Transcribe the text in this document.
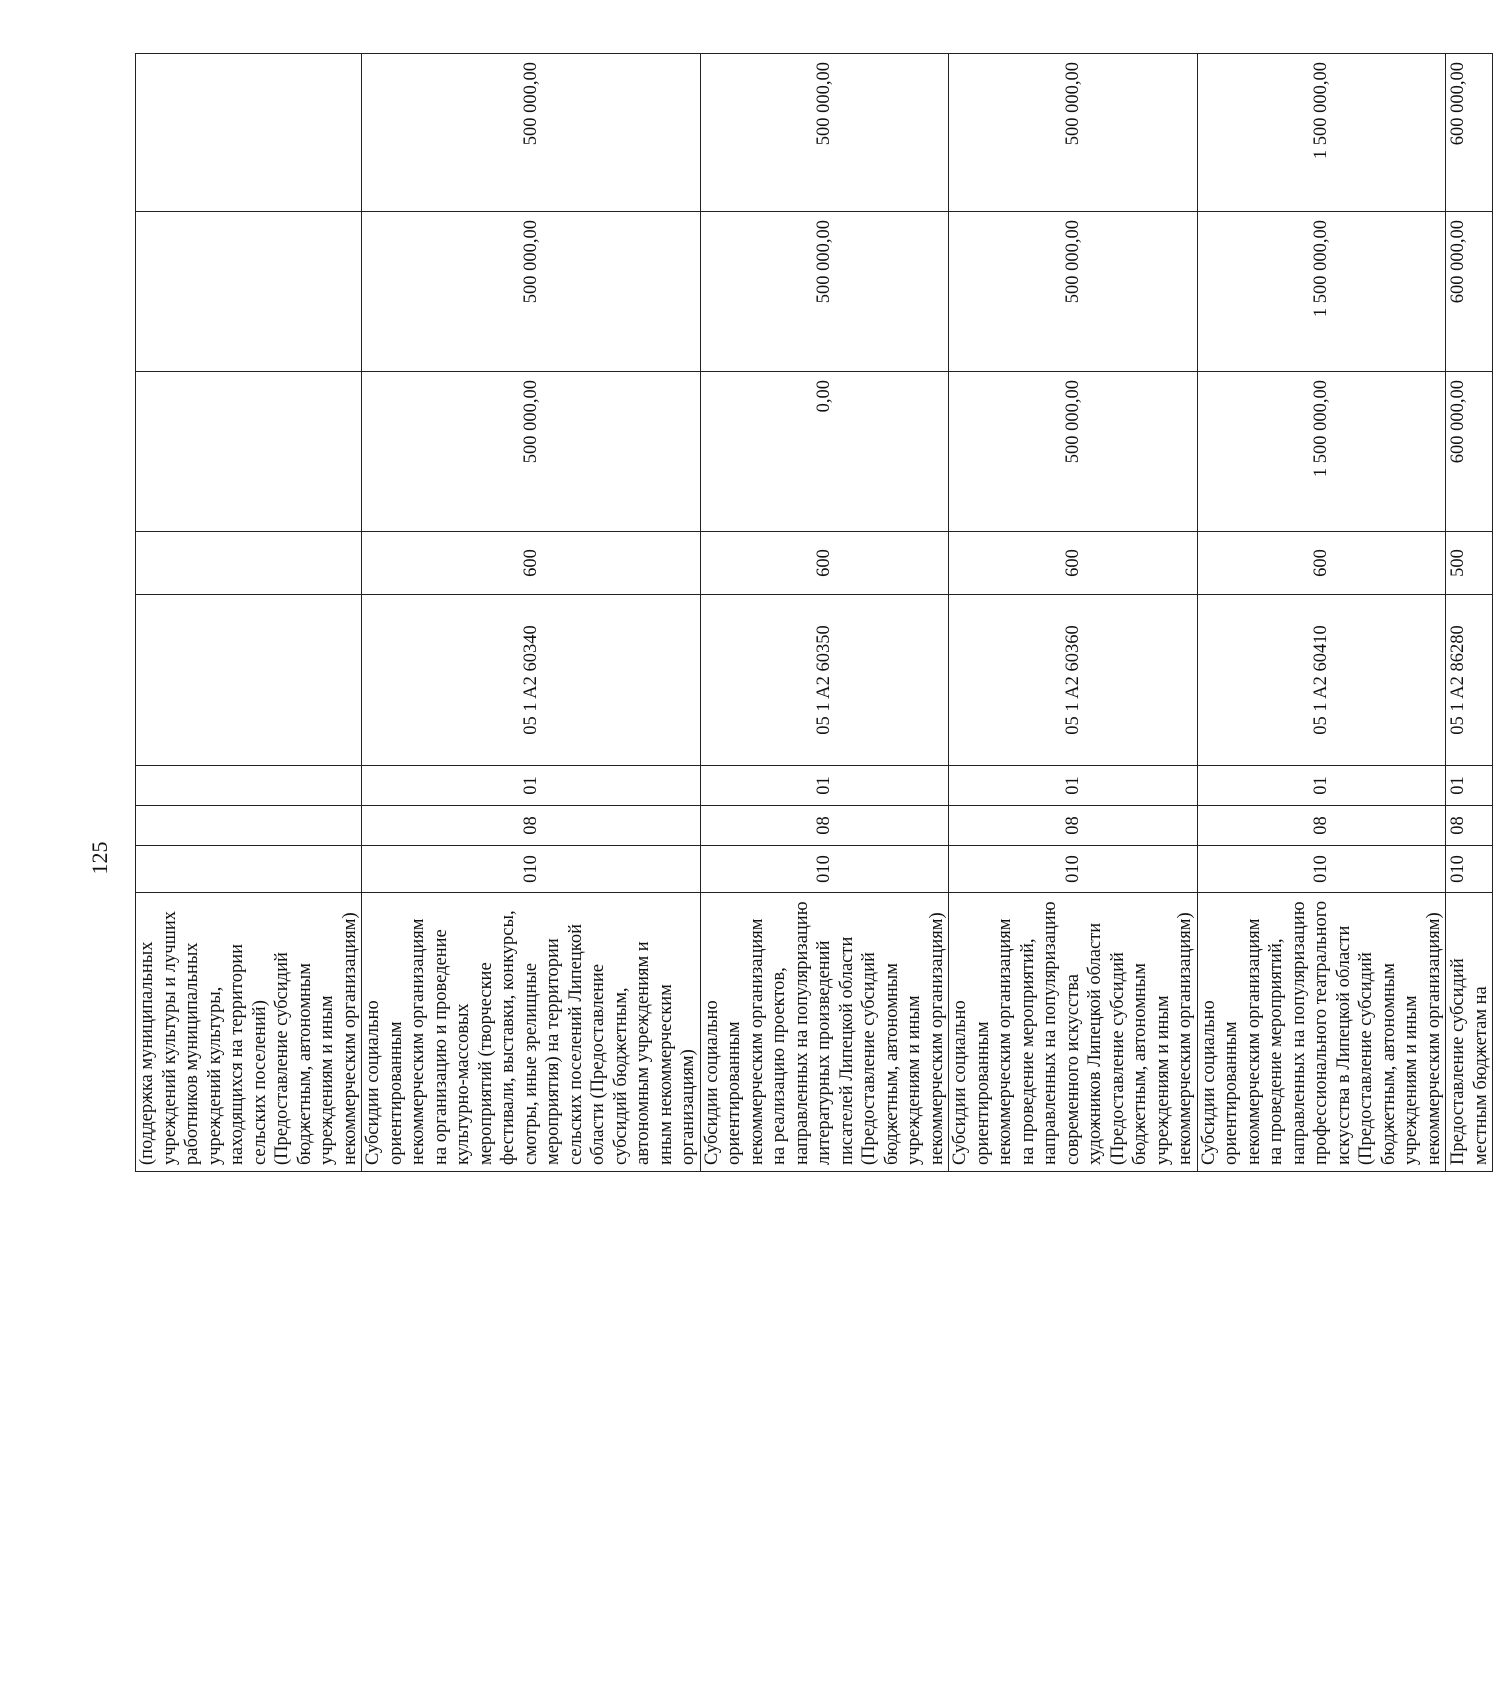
125
(поддержка муниципальных учреждений культуры и лучших работников муниципальных учреждений культуры, находящихся на территории сельских поселений) (Предоставление субсидий бюджетным, автономным учреждениям и иным некоммерческим организациям)								
Субсидии социально ориентированным некоммерческим организациям на организацию и проведение культурно-массовых мероприятий (творческие фестивали, выставки, конкурсы, смотры, иные зрелищные мероприятия) на территории сельских поселений Липецкой области (Предоставление субсидий бюджетным, автономным учреждениям и иным некоммерческим организациям)	010	08	01	05 1 A2 60340	600	500 000,00	500 000,00	500 000,00
Субсидии социально ориентированным некоммерческим организациям на реализацию проектов, направленных на популяризацию литературных произведений писателей Липецкой области (Предоставление субсидий бюджетным, автономным учреждениям и иным некоммерческим организациям)	010	08	01	05 1 A2 60350	600	0,00	500 000,00	500 000,00
Субсидии социально ориентированным некоммерческим организациям на проведение мероприятий, направленных на популяризацию современного искусства художников Липецкой области (Предоставление субсидий бюджетным, автономным учреждениям и иным некоммерческим организациям)	010	08	01	05 1 A2 60360	600	500 000,00	500 000,00	500 000,00
Субсидии социально ориентированным некоммерческим организациям на проведение мероприятий, направленных на популяризацию профессионального театрального искусства в Липецкой области (Предоставление субсидий бюджетным, автономным учреждениям и иным некоммерческим организациям)	010	08	01	05 1 A2 60410	600	1 500 000,00	1 500 000,00	1 500 000,00
Предоставление субсидий местным бюджетам на	010	08	01	05 1 A2 86280	500	600 000,00	600 000,00	600 000,00
